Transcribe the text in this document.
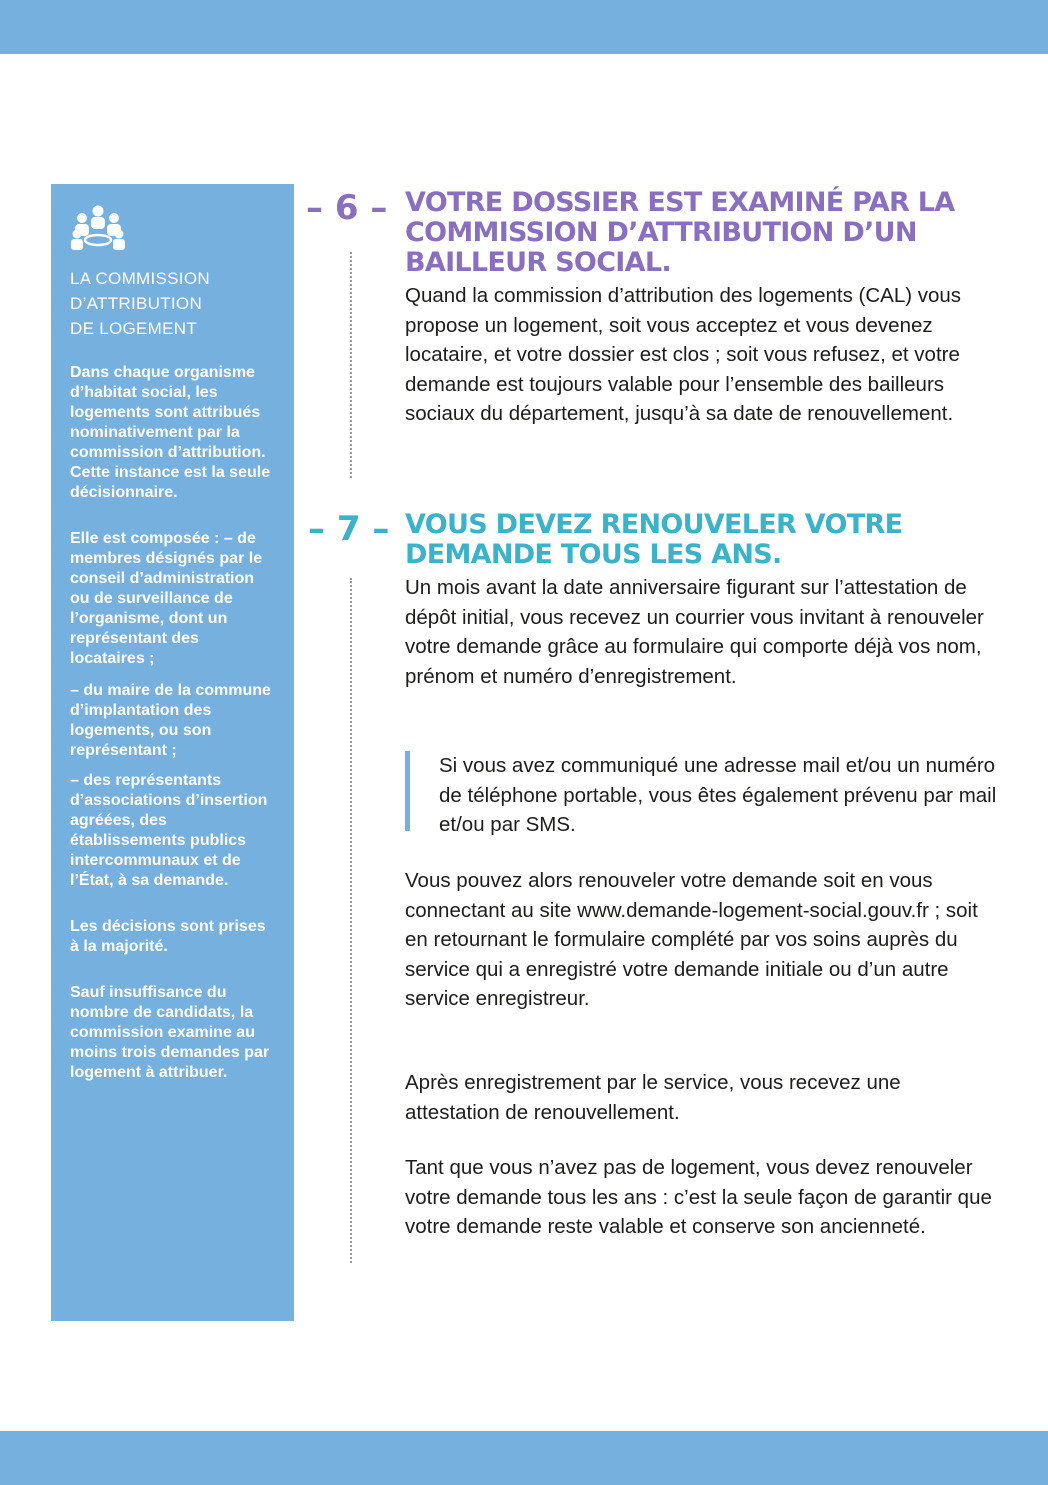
LA COMMISSION
D’ATTRIBUTION
DE LOGEMENT

Dans chaque organisme d’habitat social, les logements sont attribués nominativement par la commission d’attribution. Cette instance est la seule décisionnaire.

Elle est composée : – de membres désignés par le conseil d’administration ou de surveillance de l’organisme, dont un représentant des locataires ;

– du maire de la commune d’implantation des logements, ou son représentant ;

– des représentants d’associations d’insertion agréées, des établissements publics intercommunaux et de l’État, à sa demande.

Les décisions sont prises à la majorité.

Sauf insuffisance du nombre de candidats, la commission examine au moins trois demandes par logement à attribuer.

– 6 – VOTRE DOSSIER EST EXAMINÉ PAR LA COMMISSION D’ATTRIBUTION D’UN BAILLEUR SOCIAL.

Quand la commission d’attribution des logements (CAL) vous propose un logement, soit vous acceptez et vous devenez locataire, et votre dossier est clos ; soit vous refusez, et votre demande est toujours valable pour l’ensemble des bailleurs sociaux du département, jusqu’à sa date de renouvellement.

– 7 – VOUS DEVEZ RENOUVELER VOTRE DEMANDE TOUS LES ANS.

Un mois avant la date anniversaire figurant sur l’attestation de dépôt initial, vous recevez un courrier vous invitant à renouveler votre demande grâce au formulaire qui comporte déjà vos nom, prénom et numéro d’enregistrement.

Si vous avez communiqué une adresse mail et/ou un numéro de téléphone portable, vous êtes également prévenu par mail et/ou par SMS.

Vous pouvez alors renouveler votre demande soit en vous connectant au site www.demande-logement-social.gouv.fr ; soit en retournant le formulaire complété par vos soins auprès du service qui a enregistré votre demande initiale ou d’un autre service enregistreur.

Après enregistrement par le service, vous recevez une attestation de renouvellement.

Tant que vous n’avez pas de logement, vous devez renouveler votre demande tous les ans : c’est la seule façon de garantir que votre demande reste valable et conserve son ancienneté.
